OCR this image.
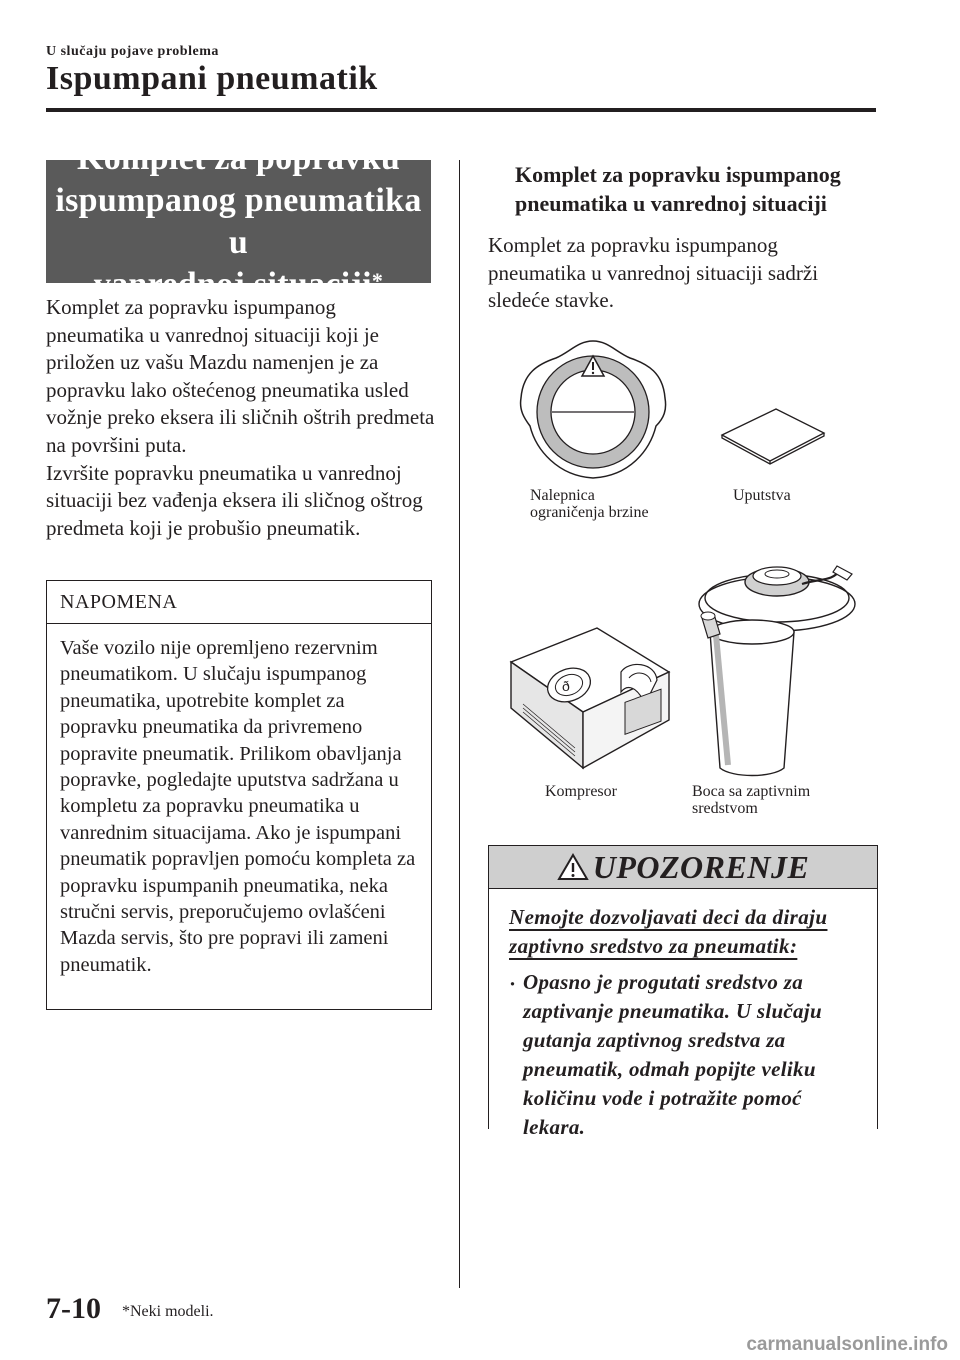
U slučaju pojave problema
Ispumpani pneumatik
Komplet za popravku
ispumpanog pneumatika u
vanrednoj situaciji*

Komplet za popravku ispumpanog pneumatika u vanrednoj situaciji koji je priložen uz vašu Mazdu namenjen je za popravku lako oštećenog pneumatika usled vožnje preko eksera ili sličnih oštrih predmeta na površini puta.

Izvršite popravku pneumatika u vanrednoj situaciji bez vađenja eksera ili sličnog oštrog predmeta koji je probušio pneumatik.

NAPOMENA
Vaše vozilo nije opremljeno rezervnim pneumatikom. U slučaju ispumpanog pneumatika, upotrebite komplet za popravku pneumatika da privremeno popravite pneumatik. Prilikom obavljanja popravke, pogledajte uputstva sadržana u kompletu za popravku pneumatika u vanrednim situacijama. Ako je ispumpani pneumatik popravljen pomoću kompleta za popravku ispumpanih pneumatika, neka stručni servis, preporučujemo ovlašćeni Mazda servis, što pre popravi ili zameni pneumatik.
Komplet za popravku ispumpanog pneumatika u vanrednoj situaciji
Komplet za popravku ispumpanog pneumatika u vanrednoj situaciji sadrži sledeće stavke.
Nalepnica
ograničenja brzine
Uputstva
ð
Kompresor	Boca sa zaptivnim
sredstvom
UPOZORENJE
Nemojte dozvoljavati deci da diraju zaptivno sredstvo za pneumatik:
· Opasno je progutati sredstvo za zaptivanje pneumatika. U slučaju gutanja zaptivnog sredstva za pneumatik, odmah popijte veliku količinu vode i potražite pomoć lekara.
7-10 *Neki modeli.
carmanualsonline.info
